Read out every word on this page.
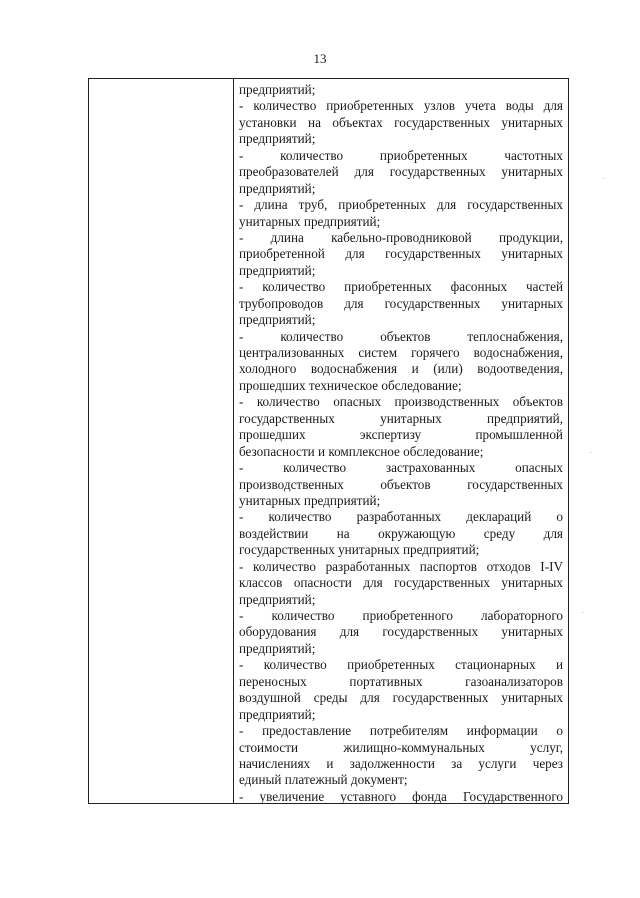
13
предприятий;
- количество приобретенных узлов учета воды для
установки на объектах государственных унитарных
предприятий;
- количество приобретенных частотных
преобразователей для государственных унитарных
предприятий;
- длина труб, приобретенных для государственных
унитарных предприятий;
- длина кабельно-проводниковой продукции,
приобретенной для государственных унитарных
предприятий;
- количество приобретенных фасонных частей
трубопроводов для государственных унитарных
предприятий;
- количество объектов теплоснабжения,
централизованных систем горячего водоснабжения,
холодного водоснабжения и (или) водоотведения,
прошедших техническое обследование;
- количество опасных производственных объектов
государственных унитарных предприятий,
прошедших экспертизу промышленной
безопасности и комплексное обследование;
- количество застрахованных опасных
производственных объектов государственных
унитарных предприятий;
- количество разработанных деклараций о
воздействии на окружающую среду для
государственных унитарных предприятий;
- количество разработанных паспортов отходов I-IV
классов опасности для государственных унитарных
предприятий;
- количество приобретенного лабораторного
оборудования для государственных унитарных
предприятий;
- количество приобретенных стационарных и
переносных портативных газоанализаторов
воздушной среды для государственных унитарных
предприятий;
- предоставление потребителям информации о
стоимости жилищно-коммунальных услуг,
начислениях и задолженности за услуги через
единый платежный документ;
- увеличение уставного фонда Государственного
